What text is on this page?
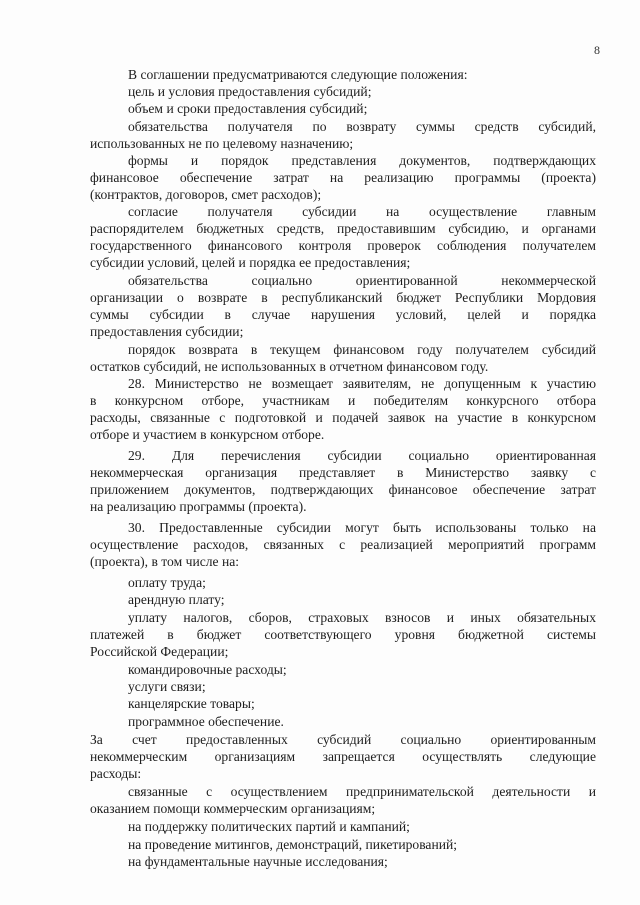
8
В соглашении предусматриваются следующие положения:
цель и условия предоставления субсидий;
объем и сроки предоставления субсидий;
обязательства получателя по возврату суммы средств субсидий,
использованных не по целевому назначению;
формы и порядок представления документов, подтверждающих
финансовое обеспечение затрат на реализацию программы (проекта)
(контрактов, договоров, смет расходов);
согласие получателя субсидии на осуществление главным
распорядителем бюджетных средств, предоставившим субсидию, и органами
государственного финансового контроля проверок соблюдения получателем
субсидии условий, целей и порядка ее предоставления;
обязательства социально ориентированной некоммерческой
организации о возврате в республиканский бюджет Республики Мордовия
суммы субсидии в случае нарушения условий, целей и порядка
предоставления субсидии;
порядок возврата в текущем финансовом году получателем субсидий
остатков субсидий, не использованных в отчетном финансовом году.
28. Министерство не возмещает заявителям, не допущенным к участию
в конкурсном отборе, участникам и победителям конкурсного отбора
расходы, связанные с подготовкой и подачей заявок на участие в конкурсном
отборе и участием в конкурсном отборе.
29. Для перечисления субсидии социально ориентированная
некоммерческая организация представляет в Министерство заявку с
приложением документов, подтверждающих финансовое обеспечение затрат
на реализацию программы (проекта).
30. Предоставленные субсидии могут быть использованы только на
осуществление расходов, связанных с реализацией мероприятий программ
(проекта), в том числе на:
оплату труда;
арендную плату;
уплату налогов, сборов, страховых взносов и иных обязательных
платежей в бюджет соответствующего уровня бюджетной системы
Российской Федерации;
командировочные расходы;
услуги связи;
канцелярские товары;
программное обеспечение.
За счет предоставленных субсидий социально ориентированным
некоммерческим организациям запрещается осуществлять следующие
расходы:
связанные с осуществлением предпринимательской деятельности и
оказанием помощи коммерческим организациям;
на поддержку политических партий и кампаний;
на проведение митингов, демонстраций, пикетирований;
на фундаментальные научные исследования;
